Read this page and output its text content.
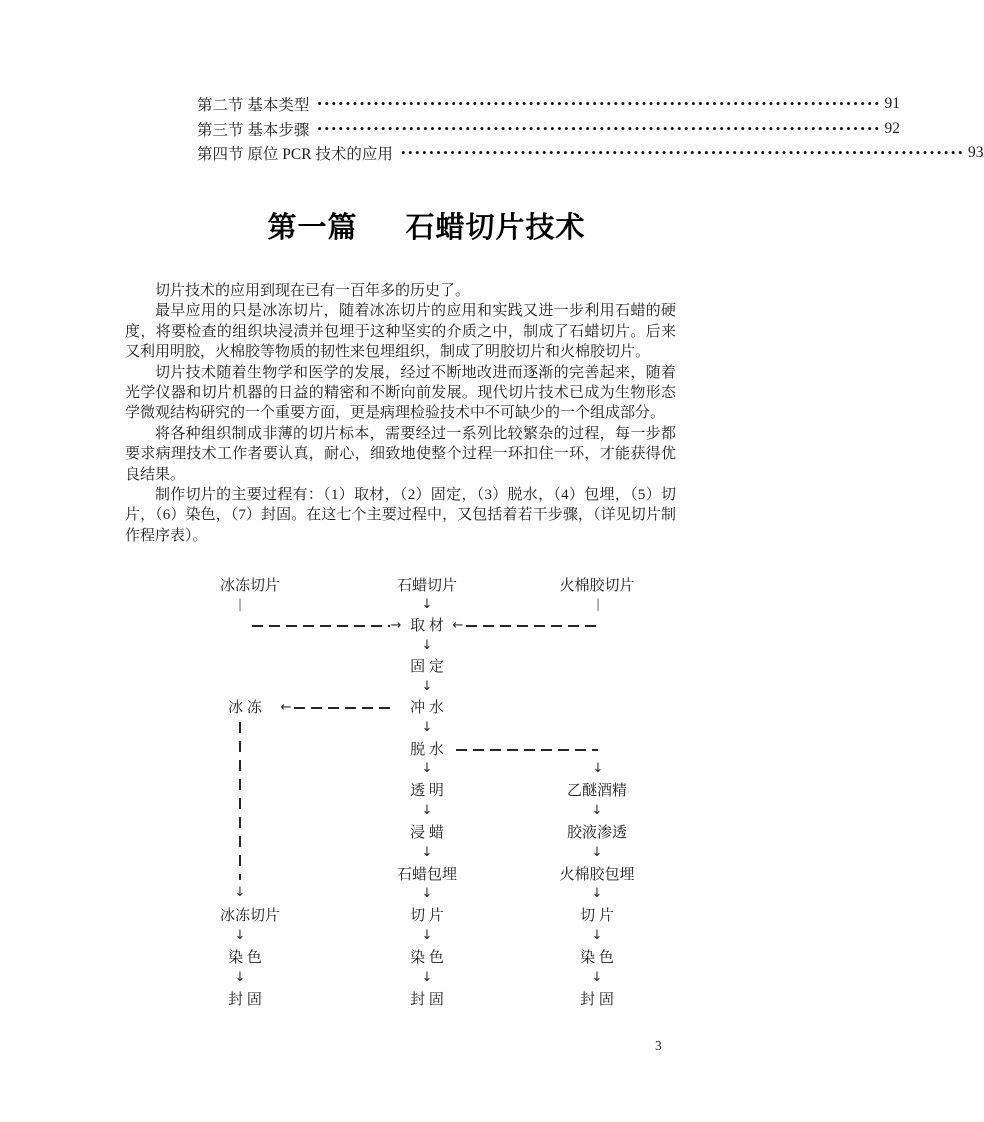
第二节 基本类型 •••••••••••••••••••••••••••••••••••••••••••••••••••••••••••••••••••••••••••••••• 91
第三节 基本步骤 •••••••••••••••••••••••••••••••••••••••••••••••••••••••••••••••••••••••••••••••• 92
第四节 原位 PCR 技术的应用 •••••••••••••••••••••••••••••••••••••••••••••••••••••••••••••••••••••••••••••••• 93
第一篇 石蜡切片技术

切片技术的应用到现在已有一百年多的历史了。

最早应用的只是冰冻切片，随着冰冻切片的应用和实践又进一步利用石蜡的硬度，将要检查的组织块浸渍并包埋于这种坚实的介质之中，制成了石蜡切片。后来又利用明胶，火棉胶等物质的韧性来包埋组织，制成了明胶切片和火棉胶切片。

切片技术随着生物学和医学的发展，经过不断地改进而逐渐的完善起来，随着光学仪器和切片机器的日益的精密和不断向前发展。现代切片技术已成为生物形态学微观结构研究的一个重要方面，更是病理检验技术中不可缺少的一个组成部分。

将各种组织制成非薄的切片标本，需要经过一系列比较繁杂的过程，每一步都要求病理技术工作者要认真，耐心，细致地使整个过程一环扣住一环，才能获得优良结果。

制作切片的主要过程有：（1）取材，（2）固定，（3）脱水，（4）包埋，（5）切片，（6）染色，（7）封固。在这七个主要过程中，又包括着若干步骤，（详见切片制作程序表）。

冰冻切片	石蜡切片	火棉胶切片
|	↓	|
→ 取 材 ←
↓
固 定
↓
冰 冻 ←	冲 水
↓
脱 水
↓	↓
透 明	乙醚酒精
↓	↓
浸 蜡	胶液渗透
↓	↓
石蜡包埋	火棉胶包埋
↓	↓	↓
冰冻切片	切 片	切 片
↓	↓	↓
染 色	染 色	染 色
↓	↓	↓
封 固	封 固	封 固
3
